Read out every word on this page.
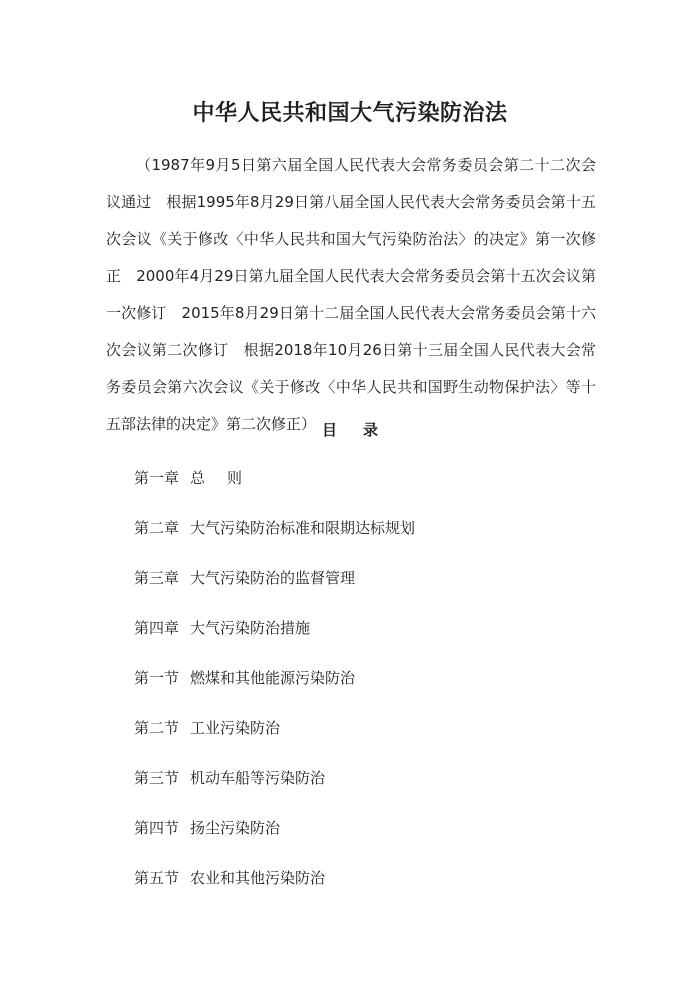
中华人民共和国大气污染防治法

（1987年9月5日第六届全国人民代表大会常务委员会第二十二次会议通过　根据1995年8月29日第八届全国人民代表大会常务委员会第十五次会议《关于修改〈中华人民共和国大气污染防治法〉的决定》第一次修正　2000年4月29日第九届全国人民代表大会常务委员会第十五次会议第一次修订　2015年8月29日第十二届全国人民代表大会常务委员会第十六次会议第二次修订　根据2018年10月26日第十三届全国人民代表大会常务委员会第六次会议《关于修改〈中华人民共和国野生动物保护法〉等十五部法律的决定》第二次修正） 目 录
第一章 总则
第二章 大气污染防治标准和限期达标规划
第三章 大气污染防治的监督管理
第四章 大气污染防治措施
第一节 燃煤和其他能源污染防治
第二节 工业污染防治
第三节 机动车船等污染防治
第四节 扬尘污染防治
第五节 农业和其他污染防治
